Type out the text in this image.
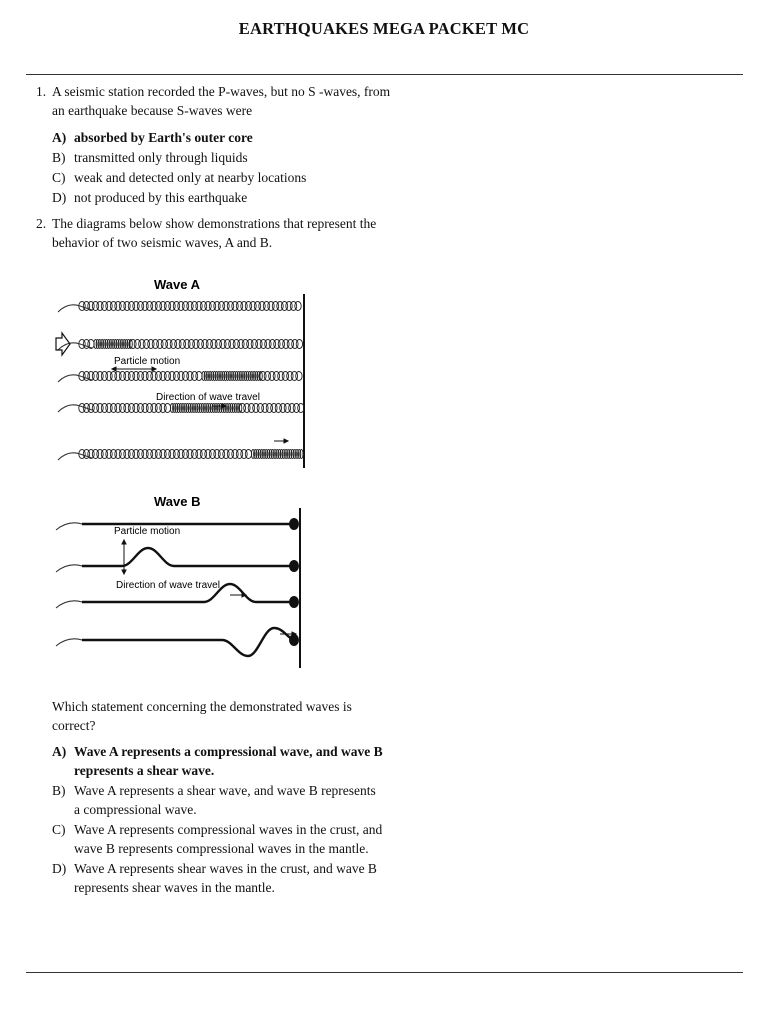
EARTHQUAKES MEGA PACKET MC
1. A seismic station recorded the P-waves, but no S -waves, from an earthquake because S-waves were
A) absorbed by Earth's outer core
B) transmitted only through liquids
C) weak and detected only at nearby locations
D) not produced by this earthquake
2. The diagrams below show demonstrations that represent the behavior of two seismic waves, A and B.
Wave A
Particle motion
Direction of wave travel
Wave B
Particle motion
Direction of wave travel
Which statement concerning the demonstrated waves is correct?
A) Wave A represents a compressional wave, and wave B represents a shear wave.
B) Wave A represents a shear wave, and wave B represents a compressional wave.
C) Wave A represents compressional waves in the crust, and wave B represents compressional waves in the mantle.
D) Wave A represents shear waves in the crust, and wave B represents shear waves in the mantle.
